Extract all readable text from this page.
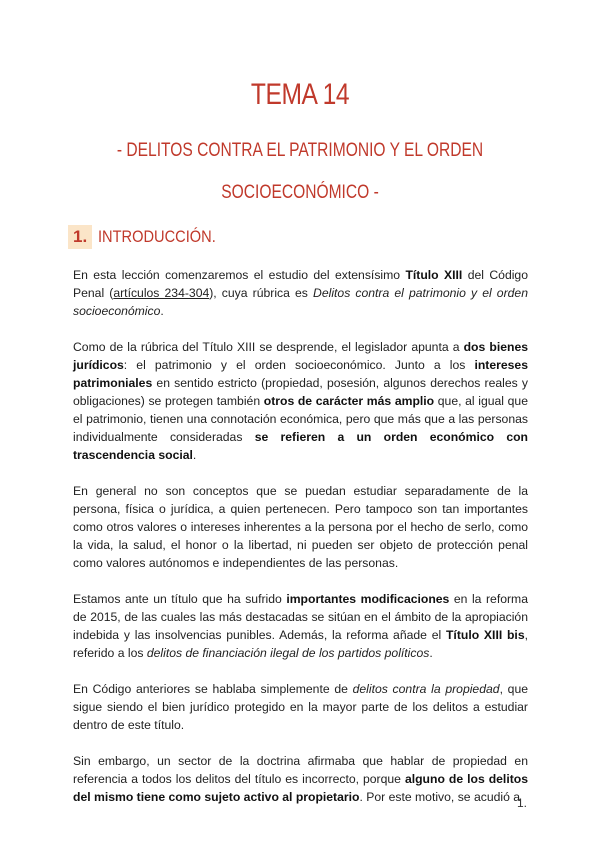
TEMA 14
- DELITOS CONTRA EL PATRIMONIO Y EL ORDEN
SOCIOECONÓMICO -
1. INTRODUCCIÓN.

En esta lección comenzaremos el estudio del extensísimo Título XIII del Código Penal (artículos 234-304), cuya rúbrica es Delitos contra el patrimonio y el orden socioeconómico.

Como de la rúbrica del Título XIII se desprende, el legislador apunta a dos bienes jurídicos: el patrimonio y el orden socioeconómico. Junto a los intereses patrimoniales en sentido estricto (propiedad, posesión, algunos derechos reales y obligaciones) se protegen también otros de carácter más amplio que, al igual que el patrimonio, tienen una connotación económica, pero que más que a las personas individualmente consideradas se refieren a un orden económico con trascendencia social.

En general no son conceptos que se puedan estudiar separadamente de la persona, física o jurídica, a quien pertenecen. Pero tampoco son tan importantes como otros valores o intereses inherentes a la persona por el hecho de serlo, como la vida, la salud, el honor o la libertad, ni pueden ser objeto de protección penal como valores autónomos e independientes de las personas.

Estamos ante un título que ha sufrido importantes modificaciones en la reforma de 2015, de las cuales las más destacadas se sitúan en el ámbito de la apropiación indebida y las insolvencias punibles. Además, la reforma añade el Título XIII bis, referido a los delitos de financiación ilegal de los partidos políticos.

En Código anteriores se hablaba simplemente de delitos contra la propiedad, que sigue siendo el bien jurídico protegido en la mayor parte de los delitos a estudiar dentro de este título.

Sin embargo, un sector de la doctrina afirmaba que hablar de propiedad en referencia a todos los delitos del título es incorrecto, porque alguno de los delitos del mismo tiene como sujeto activo al propietario. Por este motivo, se acudió a

1.
